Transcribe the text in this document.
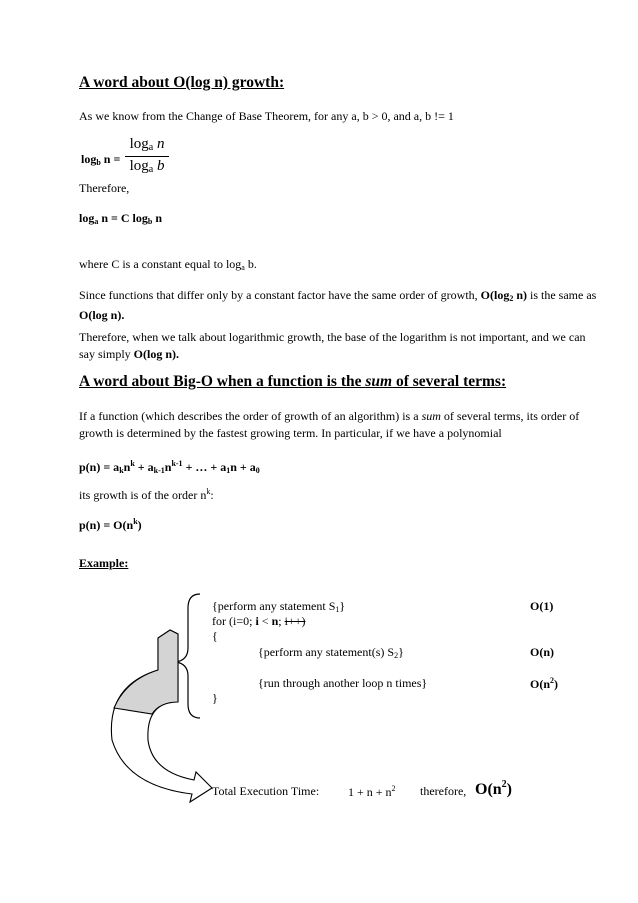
A word about O(log n) growth:
As we know from the Change of Base Theorem, for any a, b > 0, and a, b != 1
$\log_b n$ =
$\log_a n$
$\log_a b$
Therefore,
$\log_a n = C$ $\log_b n$
where C is a constant equal to $\log_a b$.
Since functions that differ only by a constant factor have the same order of growth, $O(\log_2$ n) is the same as O(log n).
Therefore, when we talk about logarithmic growth, the base of the logarithm is not important, and we can say simply O(log n).
A word about Big-O when a function is the sum of several terms:
If a function (which describes the order of growth of an algorithm) is a sum of several terms, its order of growth is determined by the fastest growing term. In particular, if we have a polynomial
$p(n) = a_kn^k + a_{k-1}n^{k-1}$ + … + $a_1n + a_0$
its growth is of the order $n^k$:
$p(n) = O(n^k)$
Example:
{perform any statement $S_1$}	O(1)
for (i=0; i < n; i++)
{
{perform any statement(s) $S_2$}	O(n)
{run through another loop n times}	$O(n^2)$
}
Total Execution Time: $1 + n + n^2$ therefore, $O(n^2)$
